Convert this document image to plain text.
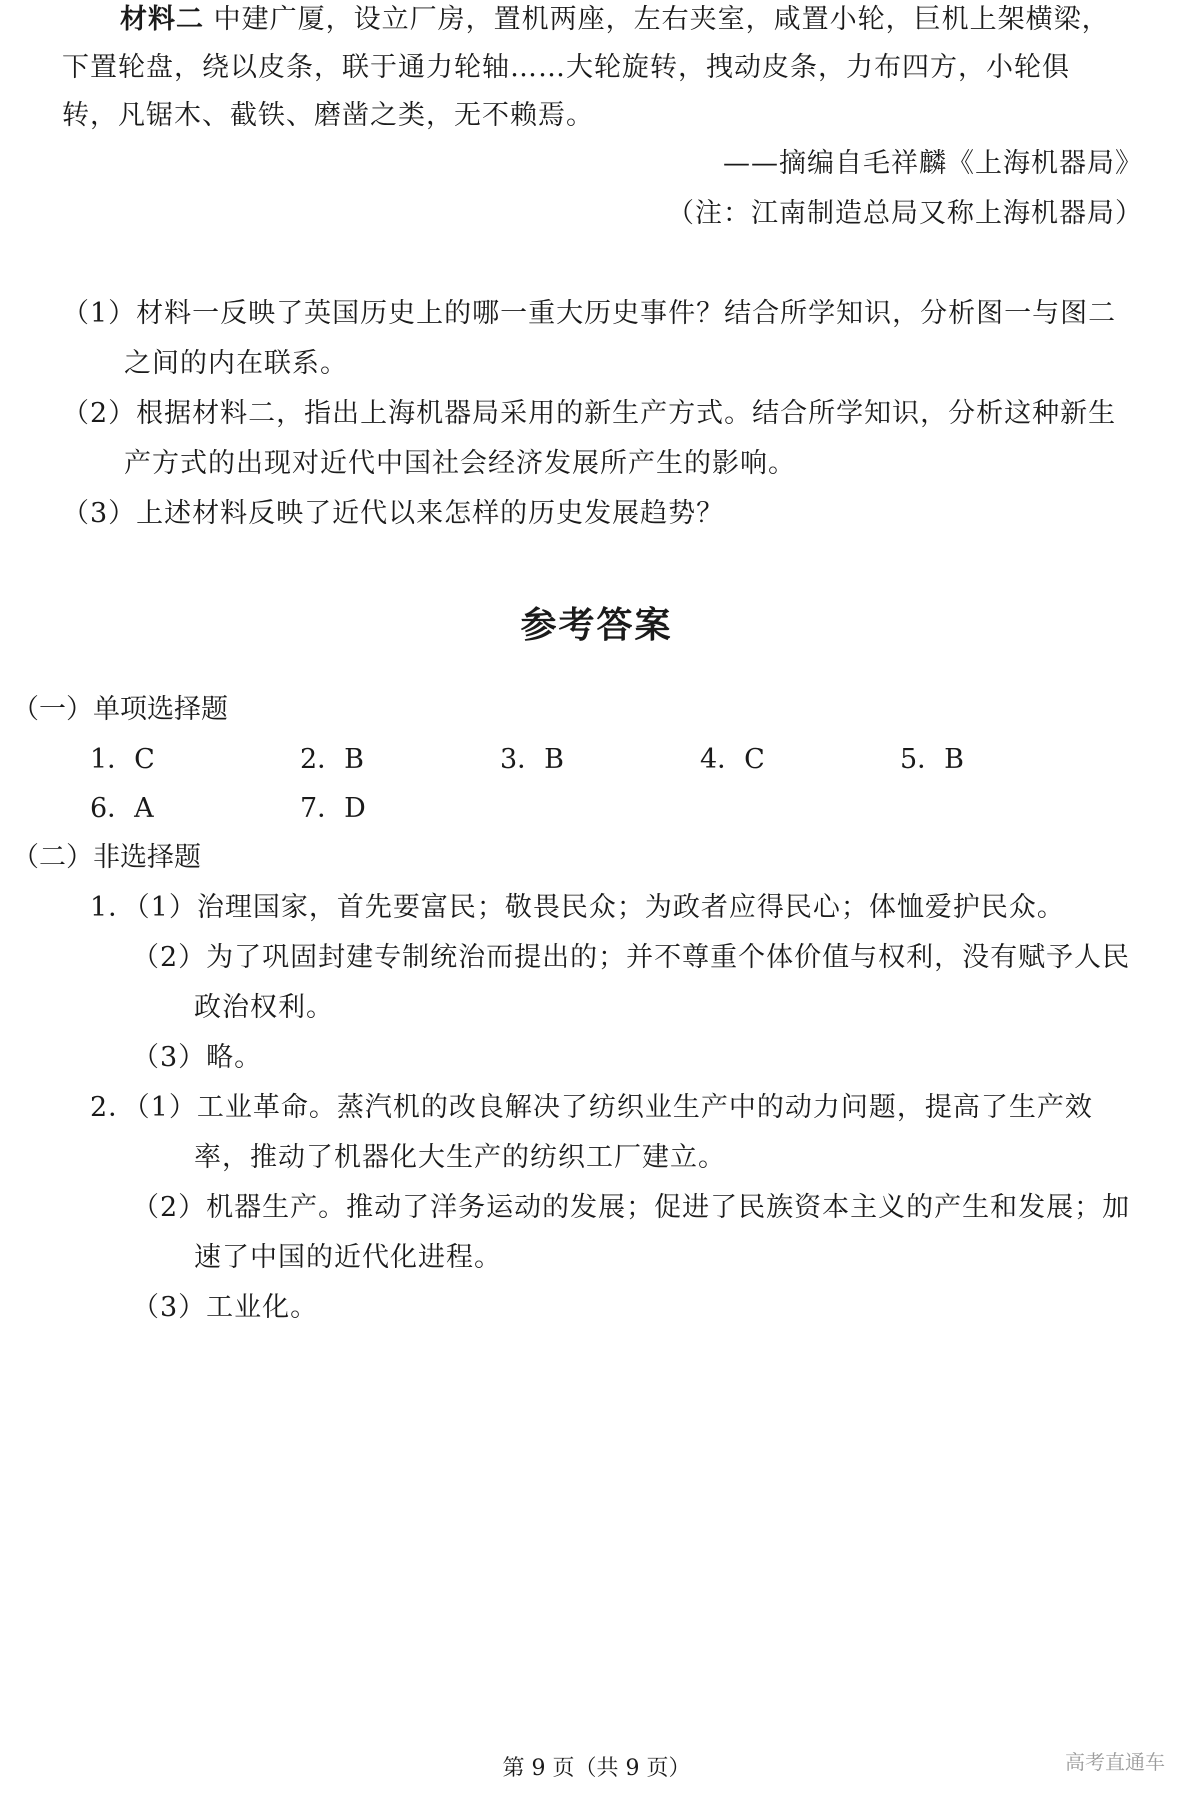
材料二 中建广厦，设立厂房，置机两座，左右夹室，咸置小轮，巨机上架横梁，
下置轮盘，绕以皮条，联于通力轮轴……大轮旋转，拽动皮条，力布四方，小轮俱
转，凡锯木、截铁、磨凿之类，无不赖焉。
——摘编自毛祥麟《上海机器局》
（注：江南制造总局又称上海机器局）
（1）材料一反映了英国历史上的哪一重大历史事件？结合所学知识，分析图一与图二
之间的内在联系。
（2）根据材料二，指出上海机器局采用的新生产方式。结合所学知识，分析这种新生
产方式的出现对近代中国社会经济发展所产生的影响。
（3）上述材料反映了近代以来怎样的历史发展趋势？
参考答案
（一）单项选择题
1．C	2．B	3．B	4．C	5．B
6．A	7．D
（二）非选择题
1．（1）治理国家，首先要富民；敬畏民众；为政者应得民心；体恤爱护民众。
（2）为了巩固封建专制统治而提出的；并不尊重个体价值与权利，没有赋予人民
政治权利。
（3）略。
2．（1）工业革命。蒸汽机的改良解决了纺织业生产中的动力问题，提高了生产效
率，推动了机器化大生产的纺织工厂建立。
（2）机器生产。推动了洋务运动的发展；促进了民族资本主义的产生和发展；加
速了中国的近代化进程。
（3）工业化。
第 9 页（共 9 页）	高考直通车
